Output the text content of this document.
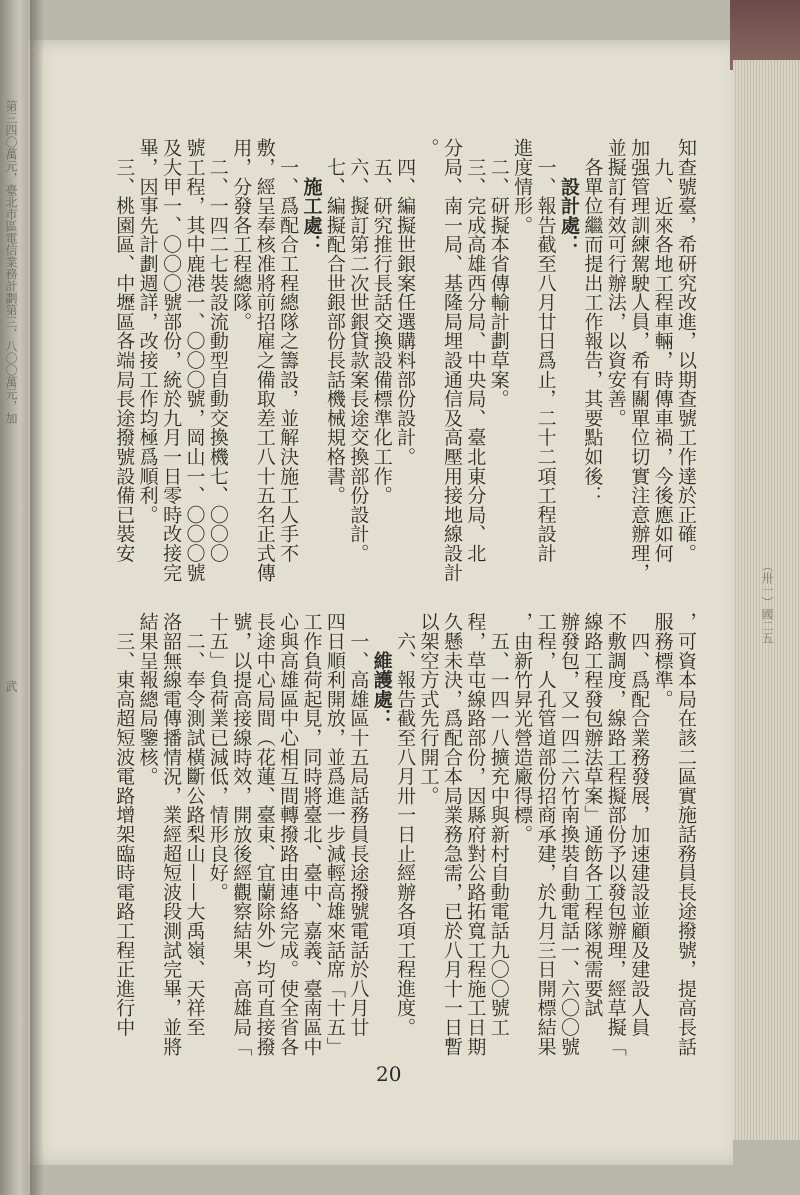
第三四〇萬元，臺北市區電信業務計劃第三、八〇〇萬元，加
武
（卅一）國二五
知查號臺，希研究改進，以期查號工作達於正確。
　九、近來各地工程車輛，時傳車禍，今後應如何
加强管理訓練駕駛人員，希有關單位切實注意辦理，
並擬訂有效可行辦法，以資安善。
　各單位繼而提出工作報告，其要點如後：
　　設計處：
　一、報告截至八月廿日爲止，二十二項工程設計
進度情形。
　二、研擬本省傳輸計劃草案。
　三、完成高雄西分局、中央局、臺北東分局、北
分局、南一局、基隆局埋設通信及高壓用接地線設計
。
　四、編擬世銀案任選購料部份設計。
　五、研究推行長話交換設備標準化工作。
　六、擬訂第二次世銀貸款案長途交換部份設計。
　七、編擬配合世銀部份長話機械規格書。
　　施工處：
　一、爲配合工程總隊之籌設，並解決施工人手不
敷，經呈奉核准將前招雇之備取差工八十五名正式傳
用，分發各工程總隊。
　二、一四二七裝設流動型自動交換機七、〇〇〇
號工程，其中鹿港一、〇〇〇號，岡山一、〇〇〇號
及大甲一、〇〇〇號部份，統於九月一日零時改接完
畢，因事先計劃週詳，改接工作均極爲順利。
　三、桃園區、中壢區各端局長途撥號設備已裝安
，可資本局在該二區實施話務員長途撥號，提高長話
服務標準。
　四、爲配合業務發展，加速建設並顧及建設人員
不敷調度，線路工程擬部份予以發包辦理，經草擬「
線路工程發包辦法草案」通飭各工程隊視需要試
辦發包，又一四二六竹南換裝自動電話一、六〇〇號
工程，人孔管道部份招商承建，於九月三日開標結果
，由新竹昇光營造廠得標。
　五、一四一八擴充中與新村自動電話九〇〇號工
程，草屯線路部份，因縣府對公路拓寬工程施工日期
久懸未決，爲配合本局業務急需，已於八月十一日暫
以架空方式先行開工。
　六、報告截至八月卅一日止經辦各項工程進度。
　　維護處：
　一、高雄區十五局話務員長途撥號電話於八月廿
四日順利開放，並爲進一步減輕高雄來話席「十五」
工作負荷起見，同時將臺北、臺中、嘉義、臺南區中
心與高雄區中心相互間轉撥路由連絡完成。使全省各
長途中心局間（花蓮、臺東、宜蘭除外）均可直接撥
號，以提高接線時效，開放後經觀察結果，高雄局「
十五」負荷業已減低，情形良好。
　二、奉令測試橫斷公路梨山——大禹嶺、天祥至
洛韶無線電傳播情況，業經超短波段測試完畢，並將
結果呈報總局鑒核。
　三、東高超短波電路增架臨時電路工程正進行中
20
